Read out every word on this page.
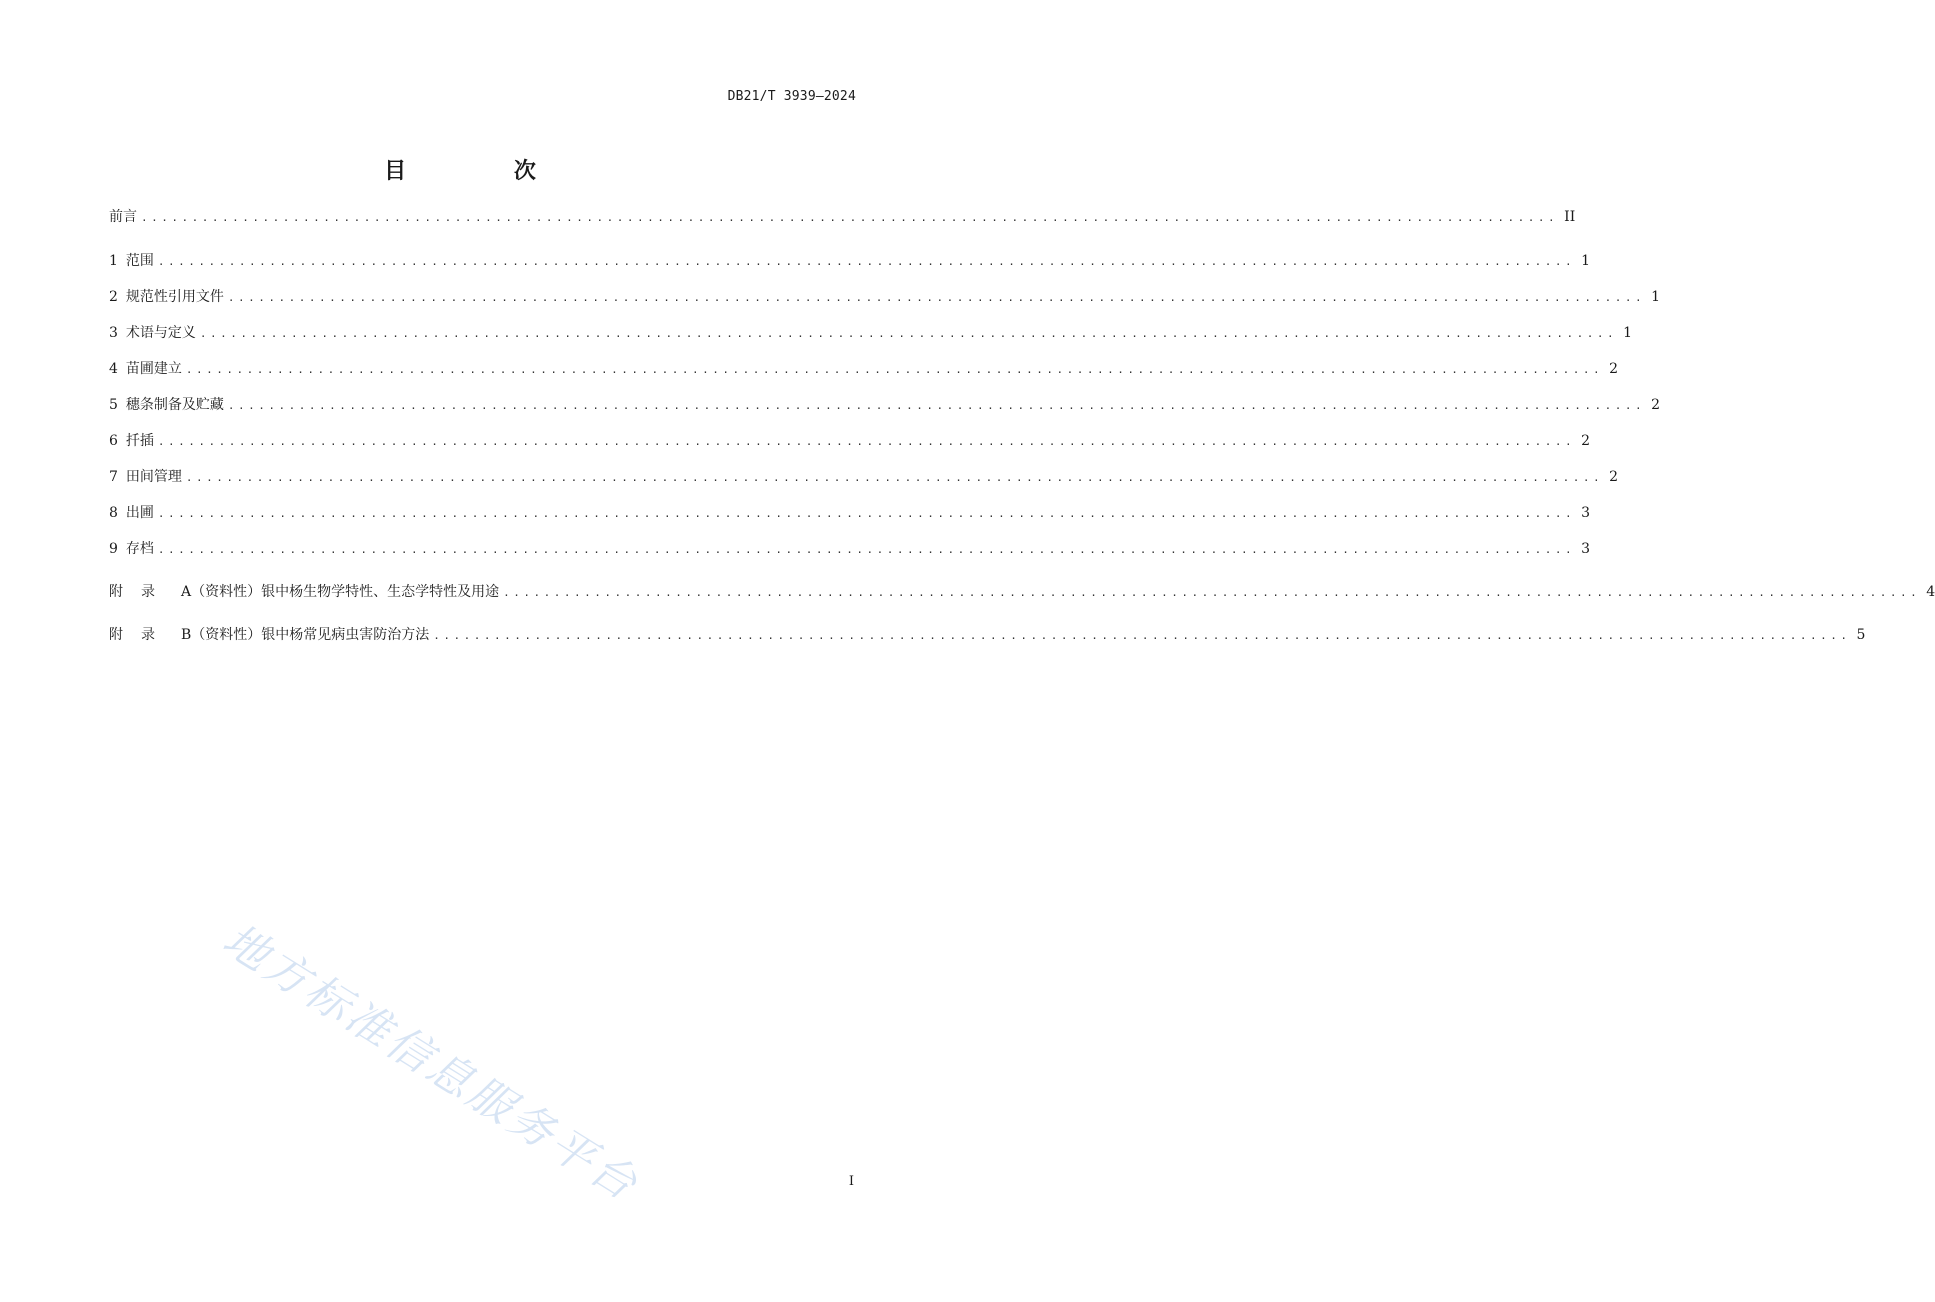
DB21/T 3939—2024
目 次
前言 ............................................................................................................................................ II
1 范围 ............................................................................................................................................ 1
2 规范性引用文件 ............................................................................................................................................ 1
3 术语与定义 ............................................................................................................................................ 1
4 苗圃建立 ............................................................................................................................................ 2
5 穗条制备及贮藏 ............................................................................................................................................ 2
6 扦插 ............................................................................................................................................ 2
7 田间管理 ............................................................................................................................................ 2
8 出圃 ............................................................................................................................................ 3
9 存档 ............................................................................................................................................ 3
附录 A（资料性）银中杨生物学特性、生态学特性及用途 ............................................................................................................................................ 4
附录 B（资料性）银中杨常见病虫害防治方法 ............................................................................................................................................ 5
地方标准信息服务平台	I
